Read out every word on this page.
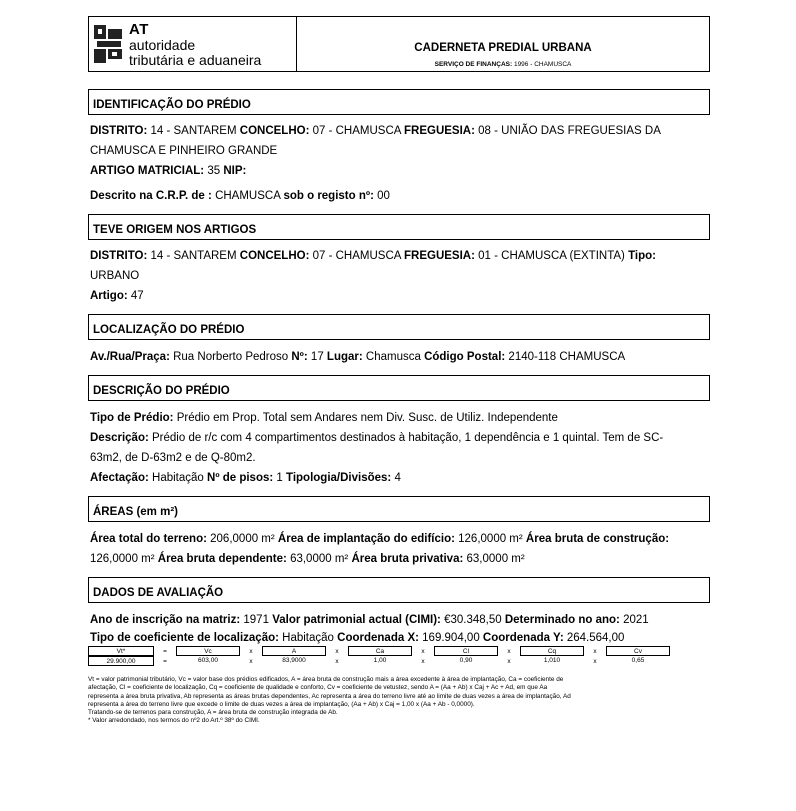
AT
autoridade
tributária e aduaneira
CADERNETA PREDIAL URBANA
SERVIÇO DE FINANÇAS: 1996 - CHAMUSCA
IDENTIFICAÇÃO DO PRÉDIO
DISTRITO: 14 - SANTAREM CONCELHO: 07 - CHAMUSCA FREGUESIA: 08 - UNIÃO DAS FREGUESIAS DA
CHAMUSCA E PINHEIRO GRANDE
ARTIGO MATRICIAL: 35 NIP:
Descrito na C.R.P. de : CHAMUSCA sob o registo nº: 00
TEVE ORIGEM NOS ARTIGOS
DISTRITO: 14 - SANTAREM CONCELHO: 07 - CHAMUSCA FREGUESIA: 01 - CHAMUSCA (EXTINTA) Tipo:
URBANO
Artigo: 47
LOCALIZAÇÃO DO PRÉDIO
Av./Rua/Praça: Rua Norberto Pedroso Nº: 17 Lugar: Chamusca Código Postal: 2140-118 CHAMUSCA
DESCRIÇÃO DO PRÉDIO
Tipo de Prédio: Prédio em Prop. Total sem Andares nem Div. Susc. de Utiliz. Independente
Descrição: Prédio de r/c com 4 compartimentos destinados à habitação, 1 dependência e 1 quintal. Tem de SC-
63m2, de D-63m2 e de Q-80m2.
Afectação: Habitação Nº de pisos: 1 Tipologia/Divisões: 4
ÁREAS (em m²)
Área total do terreno: 206,0000 m² Área de implantação do edifício: 126,0000 m² Área bruta de construção:
126,0000 m² Área bruta dependente: 63,0000 m² Área bruta privativa: 63,0000 m²
DADOS DE AVALIAÇÃO
Ano de inscrição na matriz: 1971 Valor patrimonial actual (CIMI): €30.348,50 Determinado no ano: 2021
Tipo de coeficiente de localização: Habitação Coordenada X: 169.904,00 Coordenada Y: 264.564,00
Vt*	=	Vc	x	A	x	Ca	x	Cl	x	Cq	x	Cv
29.900,00	=	603,00	x	83,9000	x	1,00	x	0,90	x	1,010	x	0,65
Vt = valor patrimonial tributário, Vc = valor base dos prédios edificados, A = área bruta de construção mais a área excedente à área de implantação, Ca = coeficiente de
afectação, Cl = coeficiente de localização, Cq = coeficiente de qualidade e conforto, Cv = coeficiente de vetustez, sendo A = (Aa + Ab) x Caj + Ac + Ad, em que Aa
representa a área bruta privativa, Ab representa as áreas brutas dependentes, Ac representa a área do terreno livre até ao limite de duas vezes a área de implantação, Ad
representa a área do terreno livre que excede o limite de duas vezes a área de implantação, (Aa + Ab) x Caj = 1,00 x (Aa + Ab - 0,0000).
Tratando-se de terrenos para construção, A = área bruta de construção integrada de Ab.
* Valor arredondado, nos termos do nº2 do Art.º 38º do CIMI.
